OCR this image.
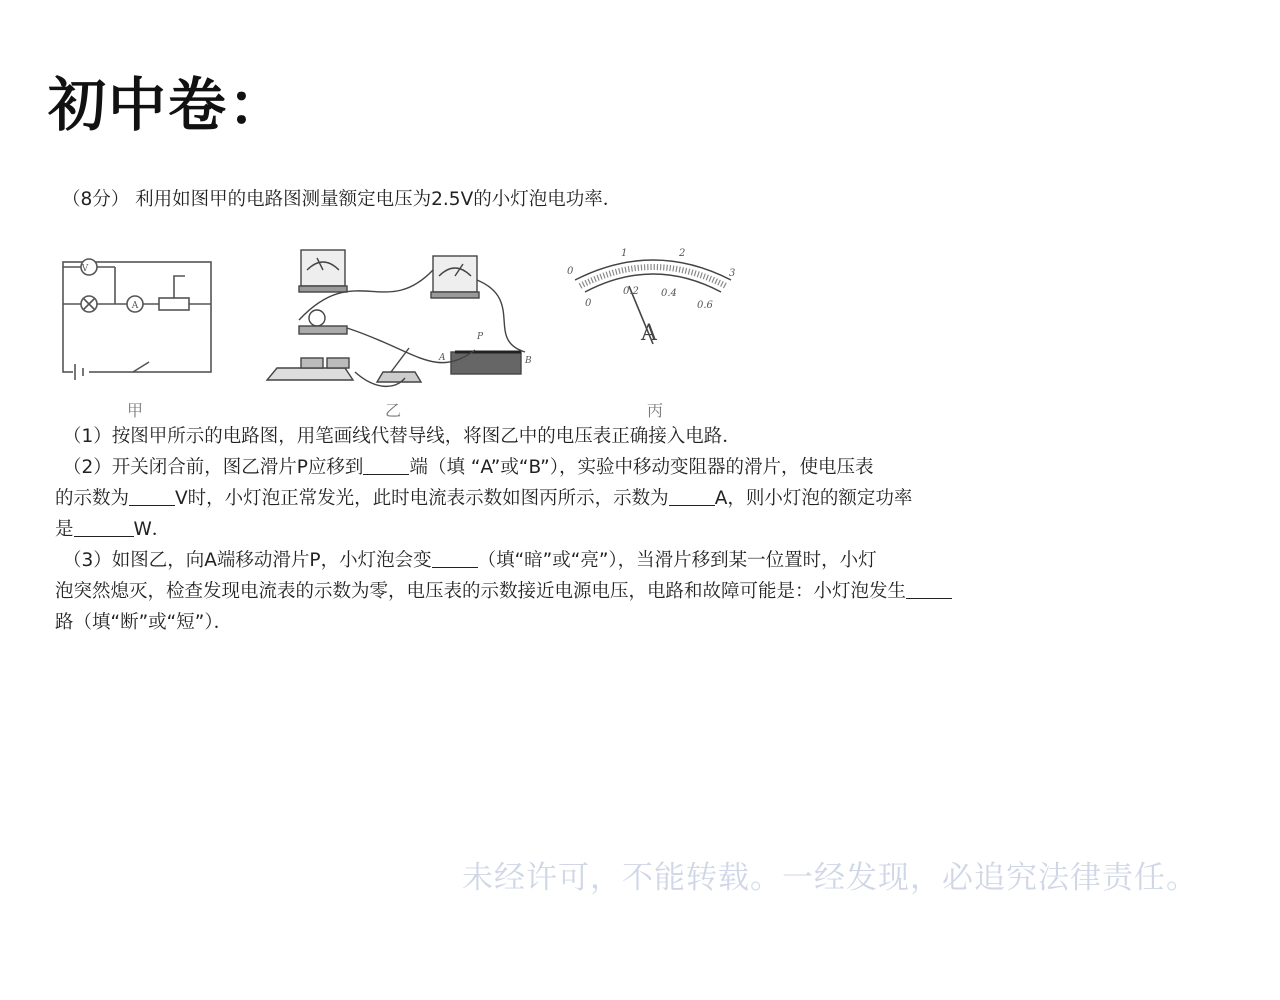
初中卷：
（8分） 利用如图甲的电路图测量额定电压为2.5V的小灯泡电功率．
V
A
P
A	B
0
1	2
3
0
0.2 0.4
0.6
A
甲	乙	丙
（1）按图甲所示的电路图，用笔画线代替导线，将图乙中的电压表正确接入电路．
（2）开关闭合前，图乙滑片P应移到 端（填 “A”或“B”），实验中移动变阻器的滑片，使电压表
的示数为 V时，小灯泡正常发光，此时电流表示数如图丙所示，示数为 A，则小灯泡的额定功率
是	W．
（3）如图乙，向A端移动滑片P，小灯泡会变 （填“暗”或“亮”），当滑片移到某一位置时，小灯
泡突然熄灭，检查发现电流表的示数为零，电压表的示数接近电源电压，电路和故障可能是：小灯泡发生
路（填“断”或“短”）．
未经许可，不能转载。一经发现，必追究法律责任。
